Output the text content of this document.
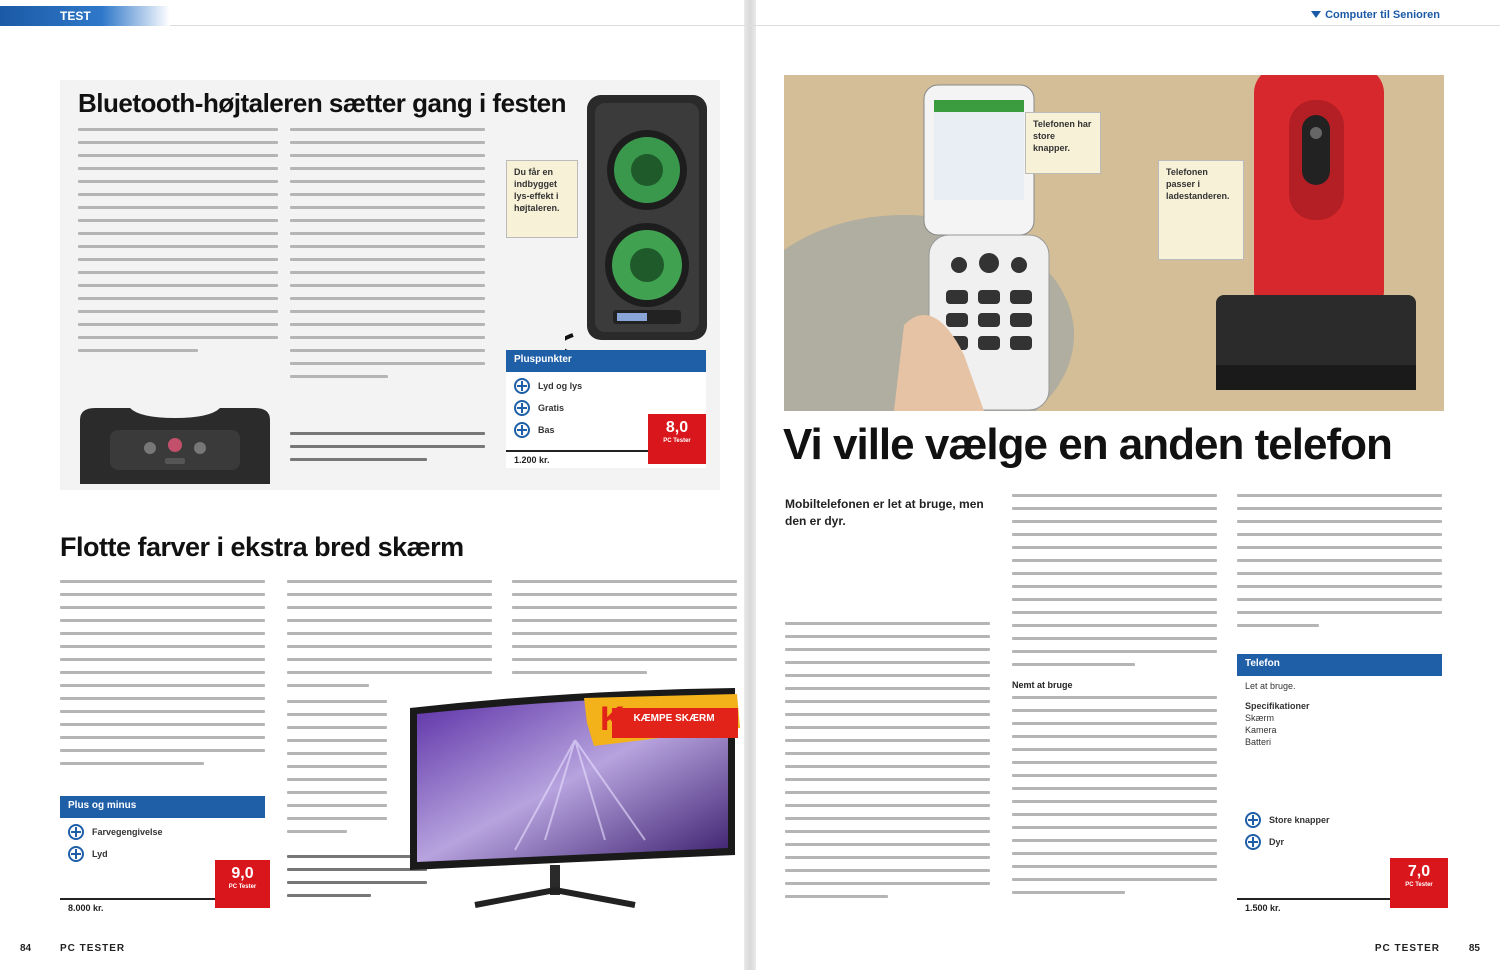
TEST	Computer til Senioren
Bluetooth-højtaleren sætter gang i festen
Du får en indbygget lys-effekt i højtaleren.
Pluspunkter
Lyd og lys
Gratis
Bas
1.200 kr.
8,0
PC Tester
Flotte farver i ekstra bred skærm
KÆMPE SKÆRM
K
Plus og minus
Farvegengivelse
Lyd
8.000 kr.
9,0
PC Tester
Telefonen har store knapper.
Telefonen passer i ladestanderen.
Vi ville vælge en anden telefon
Mobiltelefonen er let at bruge, men den er dyr.
Nemt at bruge
Telefon
Let at bruge.
Specifikationer
Skærm
Kamera
Batteri
Store knapper
Dyr
1.500 kr.
7,0
PC Tester
84	PC TESTER	PC TESTER	85
